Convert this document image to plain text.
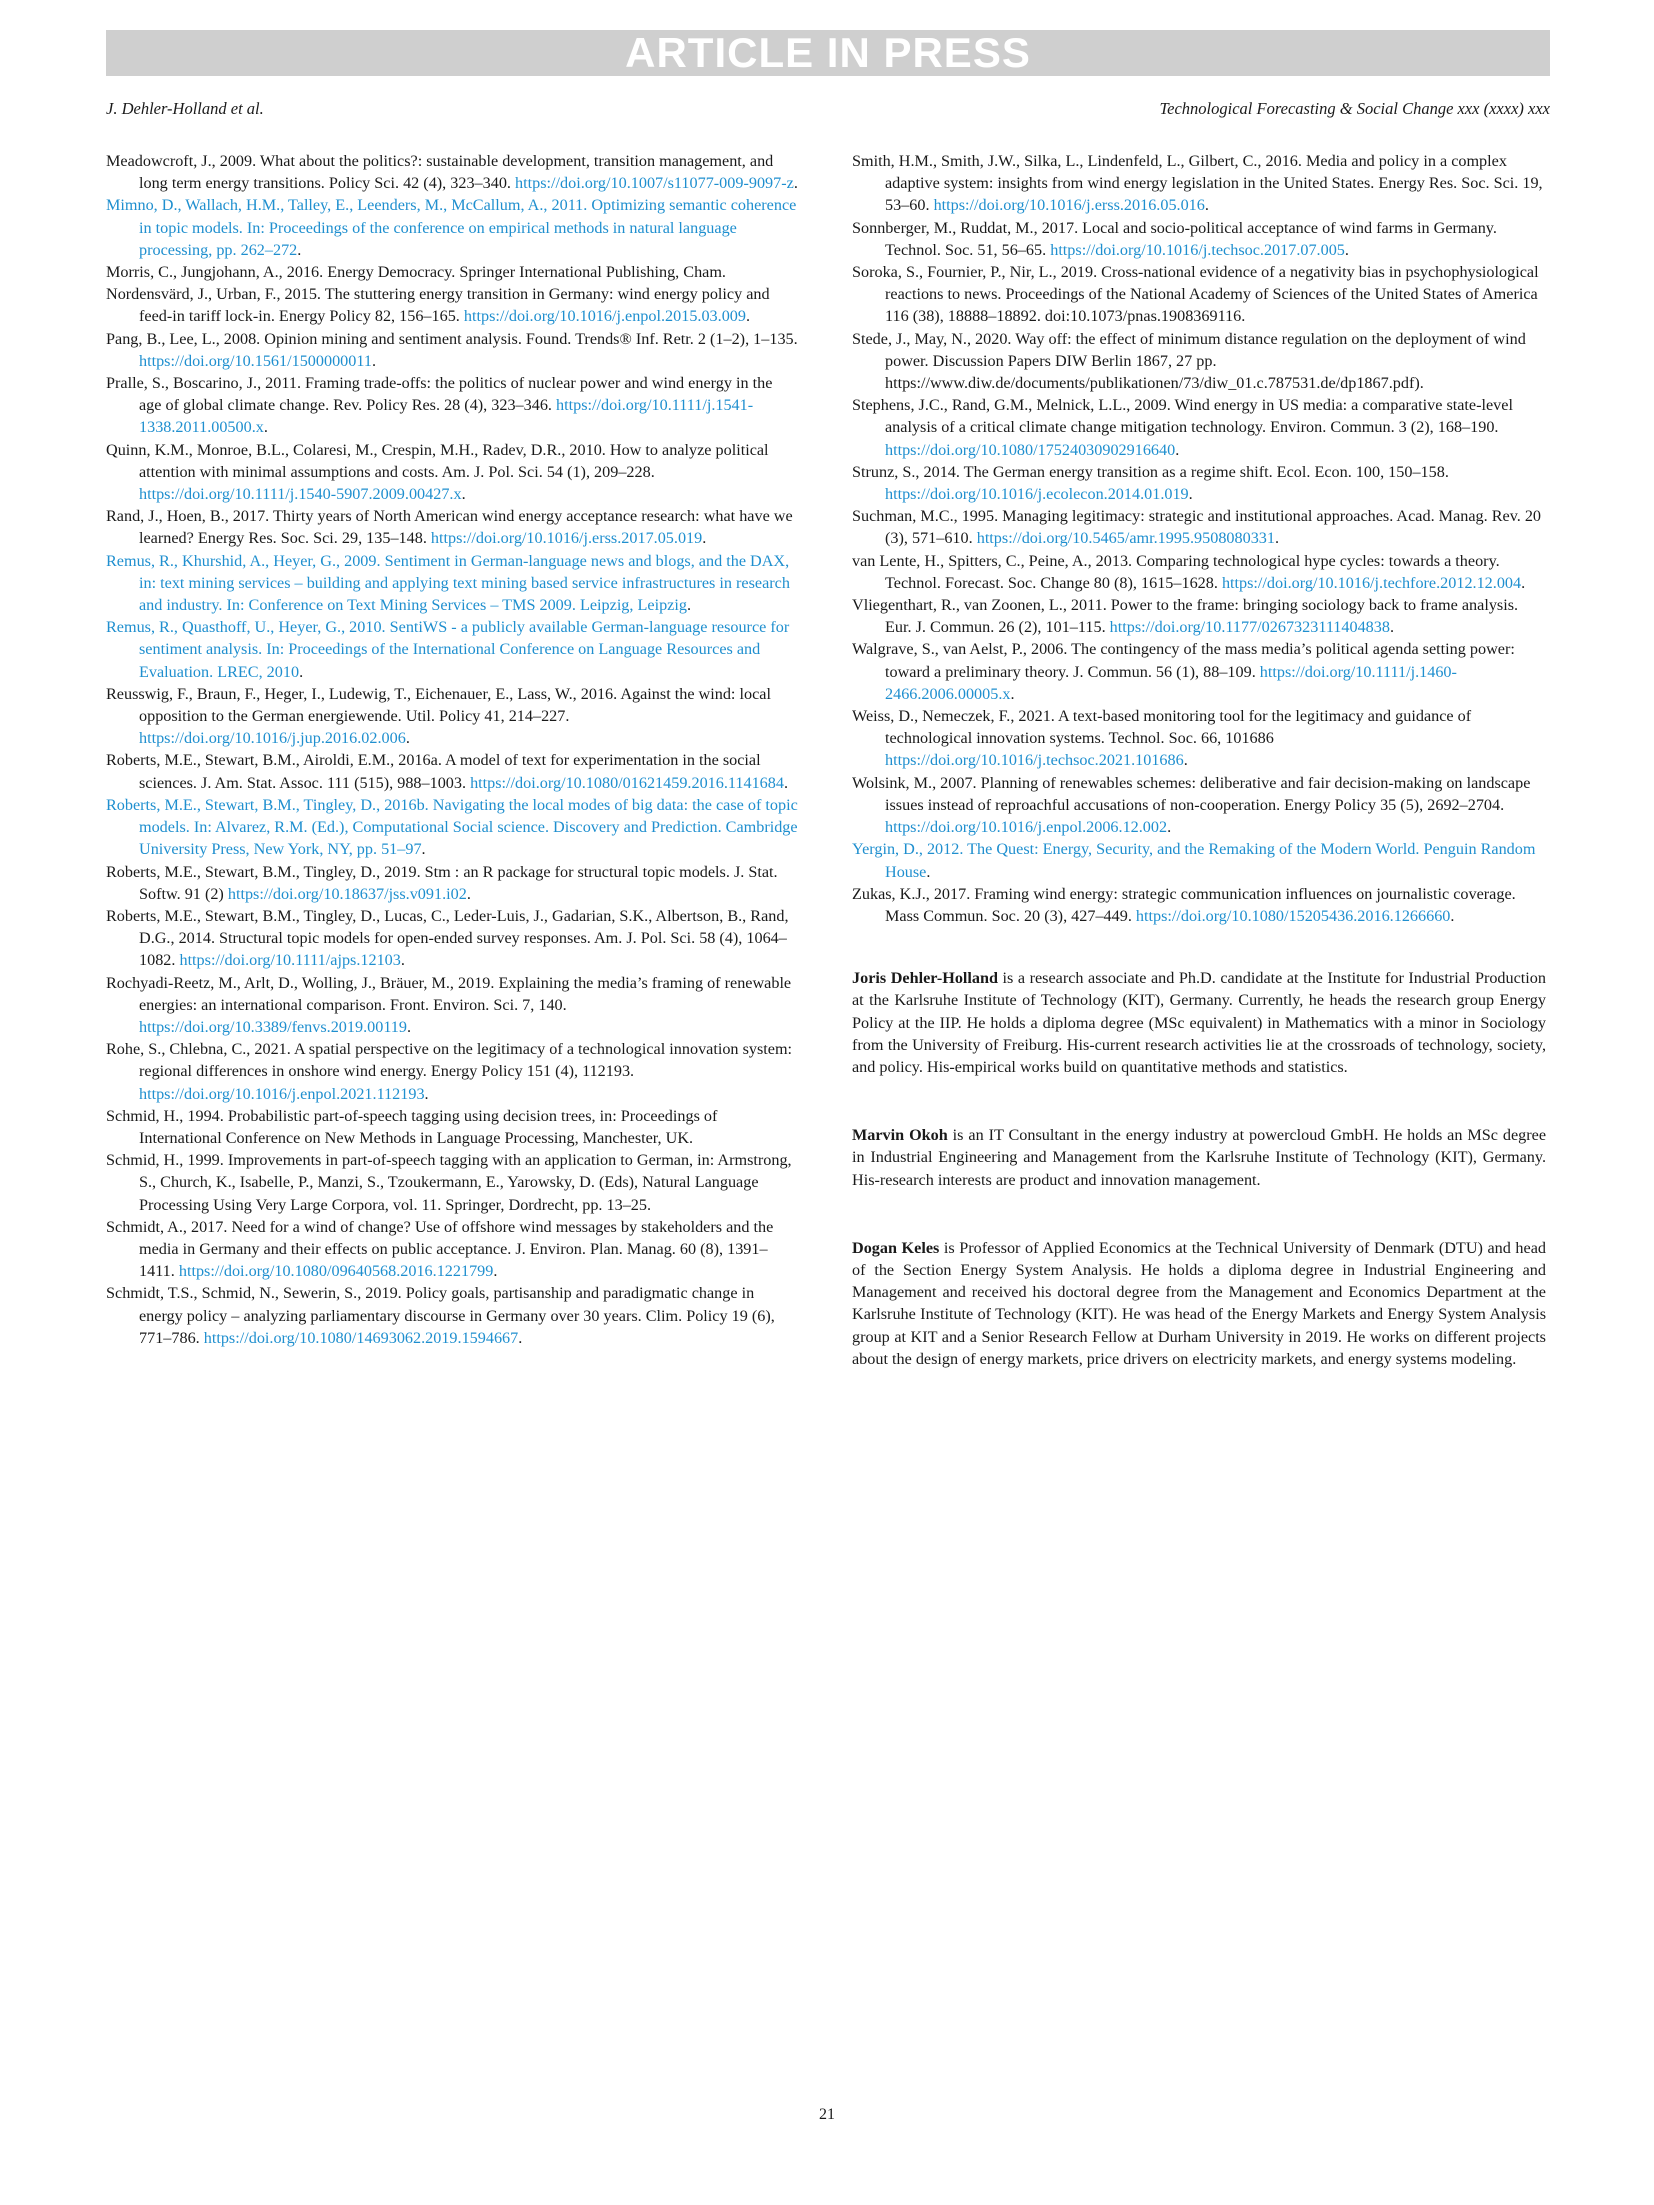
ARTICLE IN PRESS
J. Dehler-Holland et al.	Technological Forecasting & Social Change xxx (xxxx) xxx
Meadowcroft, J., 2009. What about the politics?: sustainable development, transition management, and long term energy transitions. Policy Sci. 42 (4), 323–340. https://doi.org/10.1007/s11077-009-9097-z.
Mimno, D., Wallach, H.M., Talley, E., Leenders, M., McCallum, A., 2011. Optimizing semantic coherence in topic models. In: Proceedings of the conference on empirical methods in natural language processing, pp. 262–272.
Morris, C., Jungjohann, A., 2016. Energy Democracy. Springer International Publishing, Cham.
Nordensvärd, J., Urban, F., 2015. The stuttering energy transition in Germany: wind energy policy and feed-in tariff lock-in. Energy Policy 82, 156–165. https://doi.org/10.1016/j.enpol.2015.03.009.
Pang, B., Lee, L., 2008. Opinion mining and sentiment analysis. Found. Trends® Inf. Retr. 2 (1–2), 1–135. https://doi.org/10.1561/1500000011.
Pralle, S., Boscarino, J., 2011. Framing trade-offs: the politics of nuclear power and wind energy in the age of global climate change. Rev. Policy Res. 28 (4), 323–346. https://doi.org/10.1111/j.1541-1338.2011.00500.x.
Quinn, K.M., Monroe, B.L., Colaresi, M., Crespin, M.H., Radev, D.R., 2010. How to analyze political attention with minimal assumptions and costs. Am. J. Pol. Sci. 54 (1), 209–228. https://doi.org/10.1111/j.1540-5907.2009.00427.x.
Rand, J., Hoen, B., 2017. Thirty years of North American wind energy acceptance research: what have we learned? Energy Res. Soc. Sci. 29, 135–148. https://doi.org/10.1016/j.erss.2017.05.019.
Remus, R., Khurshid, A., Heyer, G., 2009. Sentiment in German-language news and blogs, and the DAX, in: text mining services – building and applying text mining based service infrastructures in research and industry. In: Conference on Text Mining Services – TMS 2009. Leipzig, Leipzig.
Remus, R., Quasthoff, U., Heyer, G., 2010. SentiWS - a publicly available German-language resource for sentiment analysis. In: Proceedings of the International Conference on Language Resources and Evaluation. LREC, 2010.
Reusswig, F., Braun, F., Heger, I., Ludewig, T., Eichenauer, E., Lass, W., 2016. Against the wind: local opposition to the German energiewende. Util. Policy 41, 214–227. https://doi.org/10.1016/j.jup.2016.02.006.
Roberts, M.E., Stewart, B.M., Airoldi, E.M., 2016a. A model of text for experimentation in the social sciences. J. Am. Stat. Assoc. 111 (515), 988–1003. https://doi.org/10.1080/01621459.2016.1141684.
Roberts, M.E., Stewart, B.M., Tingley, D., 2016b. Navigating the local modes of big data: the case of topic models. In: Alvarez, R.M. (Ed.), Computational Social science. Discovery and Prediction. Cambridge University Press, New York, NY, pp. 51–97.
Roberts, M.E., Stewart, B.M., Tingley, D., 2019. Stm : an R package for structural topic models. J. Stat. Softw. 91 (2) https://doi.org/10.18637/jss.v091.i02.
Roberts, M.E., Stewart, B.M., Tingley, D., Lucas, C., Leder-Luis, J., Gadarian, S.K., Albertson, B., Rand, D.G., 2014. Structural topic models for open-ended survey responses. Am. J. Pol. Sci. 58 (4), 1064–1082. https://doi.org/10.1111/ajps.12103.
Rochyadi-Reetz, M., Arlt, D., Wolling, J., Bräuer, M., 2019. Explaining the media’s framing of renewable energies: an international comparison. Front. Environ. Sci. 7, 140. https://doi.org/10.3389/fenvs.2019.00119.
Rohe, S., Chlebna, C., 2021. A spatial perspective on the legitimacy of a technological innovation system: regional differences in onshore wind energy. Energy Policy 151 (4), 112193. https://doi.org/10.1016/j.enpol.2021.112193.
Schmid, H., 1994. Probabilistic part-of-speech tagging using decision trees, in: Proceedings of International Conference on New Methods in Language Processing, Manchester, UK.
Schmid, H., 1999. Improvements in part-of-speech tagging with an application to German, in: Armstrong, S., Church, K., Isabelle, P., Manzi, S., Tzoukermann, E., Yarowsky, D. (Eds), Natural Language Processing Using Very Large Corpora, vol. 11. Springer, Dordrecht, pp. 13–25.
Schmidt, A., 2017. Need for a wind of change? Use of offshore wind messages by stakeholders and the media in Germany and their effects on public acceptance. J. Environ. Plan. Manag. 60 (8), 1391–1411. https://doi.org/10.1080/09640568.2016.1221799.
Schmidt, T.S., Schmid, N., Sewerin, S., 2019. Policy goals, partisanship and paradigmatic change in energy policy – analyzing parliamentary discourse in Germany over 30 years. Clim. Policy 19 (6), 771–786. https://doi.org/10.1080/14693062.2019.1594667.
Smith, H.M., Smith, J.W., Silka, L., Lindenfeld, L., Gilbert, C., 2016. Media and policy in a complex adaptive system: insights from wind energy legislation in the United States. Energy Res. Soc. Sci. 19, 53–60. https://doi.org/10.1016/j.erss.2016.05.016.
Sonnberger, M., Ruddat, M., 2017. Local and socio-political acceptance of wind farms in Germany. Technol. Soc. 51, 56–65. https://doi.org/10.1016/j.techsoc.2017.07.005.
Soroka, S., Fournier, P., Nir, L., 2019. Cross-national evidence of a negativity bias in psychophysiological reactions to news. Proceedings of the National Academy of Sciences of the United States of America 116 (38), 18888–18892. doi:10.1073/pnas.1908369116.
Stede, J., May, N., 2020. Way off: the effect of minimum distance regulation on the deployment of wind power. Discussion Papers DIW Berlin 1867, 27 pp. https://www.diw.de/documents/publikationen/73/diw_01.c.787531.de/dp1867.pdf).
Stephens, J.C., Rand, G.M., Melnick, L.L., 2009. Wind energy in US media: a comparative state-level analysis of a critical climate change mitigation technology. Environ. Commun. 3 (2), 168–190. https://doi.org/10.1080/17524030902916640.
Strunz, S., 2014. The German energy transition as a regime shift. Ecol. Econ. 100, 150–158. https://doi.org/10.1016/j.ecolecon.2014.01.019.
Suchman, M.C., 1995. Managing legitimacy: strategic and institutional approaches. Acad. Manag. Rev. 20 (3), 571–610. https://doi.org/10.5465/amr.1995.9508080331.
van Lente, H., Spitters, C., Peine, A., 2013. Comparing technological hype cycles: towards a theory. Technol. Forecast. Soc. Change 80 (8), 1615–1628. https://doi.org/10.1016/j.techfore.2012.12.004.
Vliegenthart, R., van Zoonen, L., 2011. Power to the frame: bringing sociology back to frame analysis. Eur. J. Commun. 26 (2), 101–115. https://doi.org/10.1177/0267323111404838.
Walgrave, S., van Aelst, P., 2006. The contingency of the mass media’s political agenda setting power: toward a preliminary theory. J. Commun. 56 (1), 88–109. https://doi.org/10.1111/j.1460-2466.2006.00005.x.
Weiss, D., Nemeczek, F., 2021. A text-based monitoring tool for the legitimacy and guidance of technological innovation systems. Technol. Soc. 66, 101686 https://doi.org/10.1016/j.techsoc.2021.101686.
Wolsink, M., 2007. Planning of renewables schemes: deliberative and fair decision-making on landscape issues instead of reproachful accusations of non-cooperation. Energy Policy 35 (5), 2692–2704. https://doi.org/10.1016/j.enpol.2006.12.002.
Yergin, D., 2012. The Quest: Energy, Security, and the Remaking of the Modern World. Penguin Random House.
Zukas, K.J., 2017. Framing wind energy: strategic communication influences on journalistic coverage. Mass Commun. Soc. 20 (3), 427–449. https://doi.org/10.1080/15205436.2016.1266660.

Joris Dehler-Holland is a research associate and Ph.D. candidate at the Institute for Industrial Production at the Karlsruhe Institute of Technology (KIT), Germany. Currently, he heads the research group Energy Policy at the IIP. He holds a diploma degree (MSc equivalent) in Mathematics with a minor in Sociology from the University of Freiburg. His-current research activities lie at the crossroads of technology, society, and policy. His-empirical works build on quantitative methods and statistics.

Marvin Okoh is an IT Consultant in the energy industry at powercloud GmbH. He holds an MSc degree in Industrial Engineering and Management from the Karlsruhe Institute of Technology (KIT), Germany. His-research interests are product and innovation management.

Dogan Keles is Professor of Applied Economics at the Technical University of Denmark (DTU) and head of the Section Energy System Analysis. He holds a diploma degree in Industrial Engineering and Management and received his doctoral degree from the Management and Economics Department at the Karlsruhe Institute of Technology (KIT). He was head of the Energy Markets and Energy System Analysis group at KIT and a Senior Research Fellow at Durham University in 2019. He works on different projects about the design of energy markets, price drivers on electricity markets, and energy systems modeling.

21
